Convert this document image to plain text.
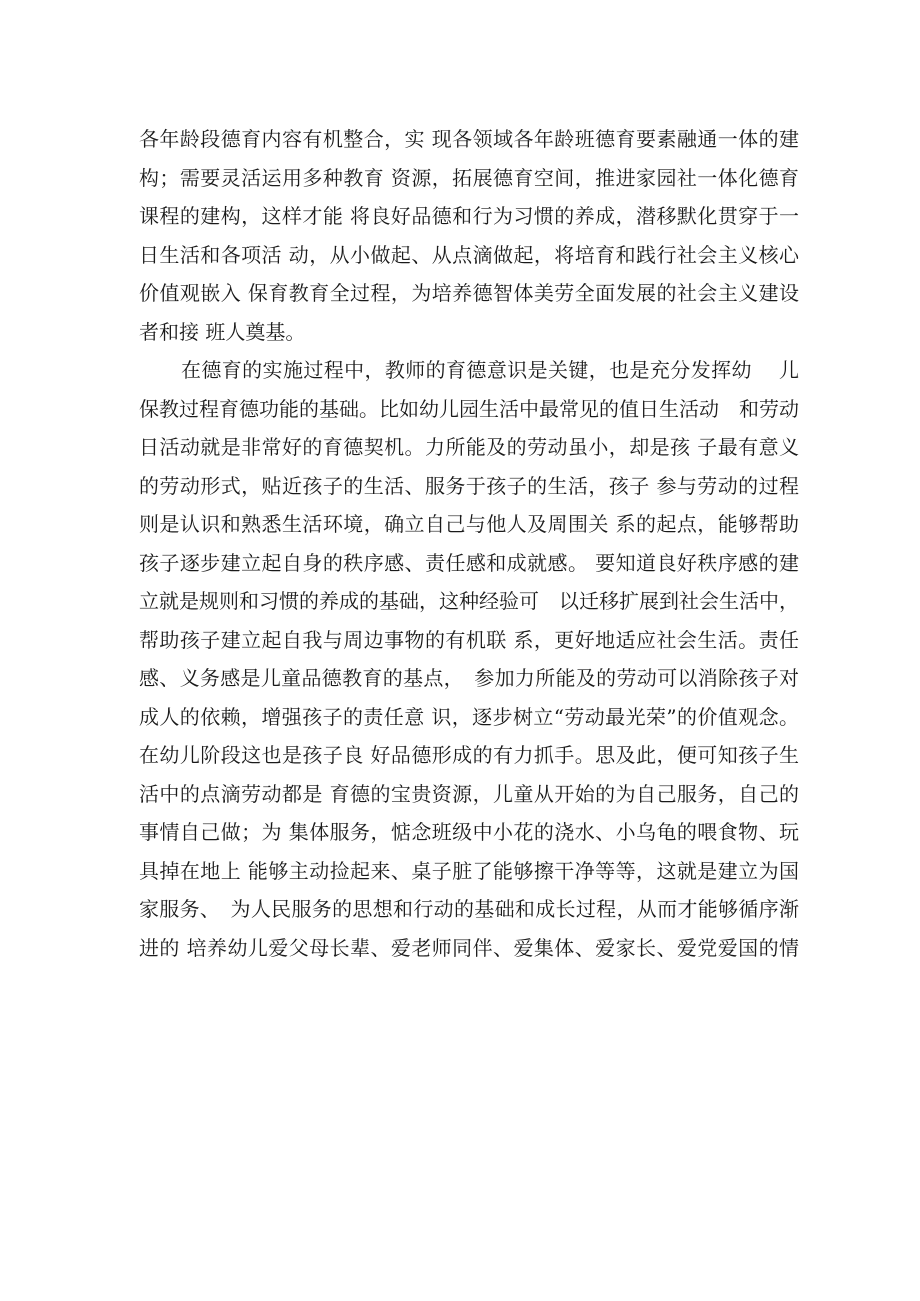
各年龄段德育内容有机整合，实 现各领域各年龄班德育要素融通一体的建
构；需要灵活运用多种教育 资源，拓展德育空间，推进家园社一体化德育
课程的建构，这样才能 将良好品德和行为习惯的养成，潜移默化贯穿于一
日生活和各项活 动，从小做起、从点滴做起，将培育和践行社会主义核心
价值观嵌入 保育教育全过程，为培养德智体美劳全面发展的社会主义建设
者和接 班人奠基。
在德育的实施过程中，教师的育德意识是关键，也是充分发挥幼　 儿
保教过程育德功能的基础。比如幼儿园生活中最常见的值日生活动　和劳动
日活动就是非常好的育德契机。力所能及的劳动虽小，却是孩 子最有意义
的劳动形式，贴近孩子的生活、服务于孩子的生活，孩子 参与劳动的过程
则是认识和熟悉生活环境，确立自己与他人及周围关 系的起点，能够帮助
孩子逐步建立起自身的秩序感、责任感和成就感。 要知道良好秩序感的建
立就是规则和习惯的养成的基础，这种经验可　以迁移扩展到社会生活中，
帮助孩子建立起自我与周边事物的有机联 系，更好地适应社会生活。责任
感、义务感是儿童品德教育的基点，　参加力所能及的劳动可以消除孩子对
成人的依赖，增强孩子的责任意 识，逐步树立“劳动最光荣”的价值观念。
在幼儿阶段这也是孩子良 好品德形成的有力抓手。思及此，便可知孩子生
活中的点滴劳动都是 育德的宝贵资源，儿童从开始的为自己服务，自己的
事情自己做；为 集体服务，惦念班级中小花的浇水、小乌龟的喂食物、玩
具掉在地上 能够主动捡起来、桌子脏了能够擦干净等等，这就是建立为国
家服务、　为人民服务的思想和行动的基础和成长过程，从而才能够循序渐
进的 培养幼儿爱父母长辈、爱老师同伴、爱集体、爱家长、爱党爱国的情
